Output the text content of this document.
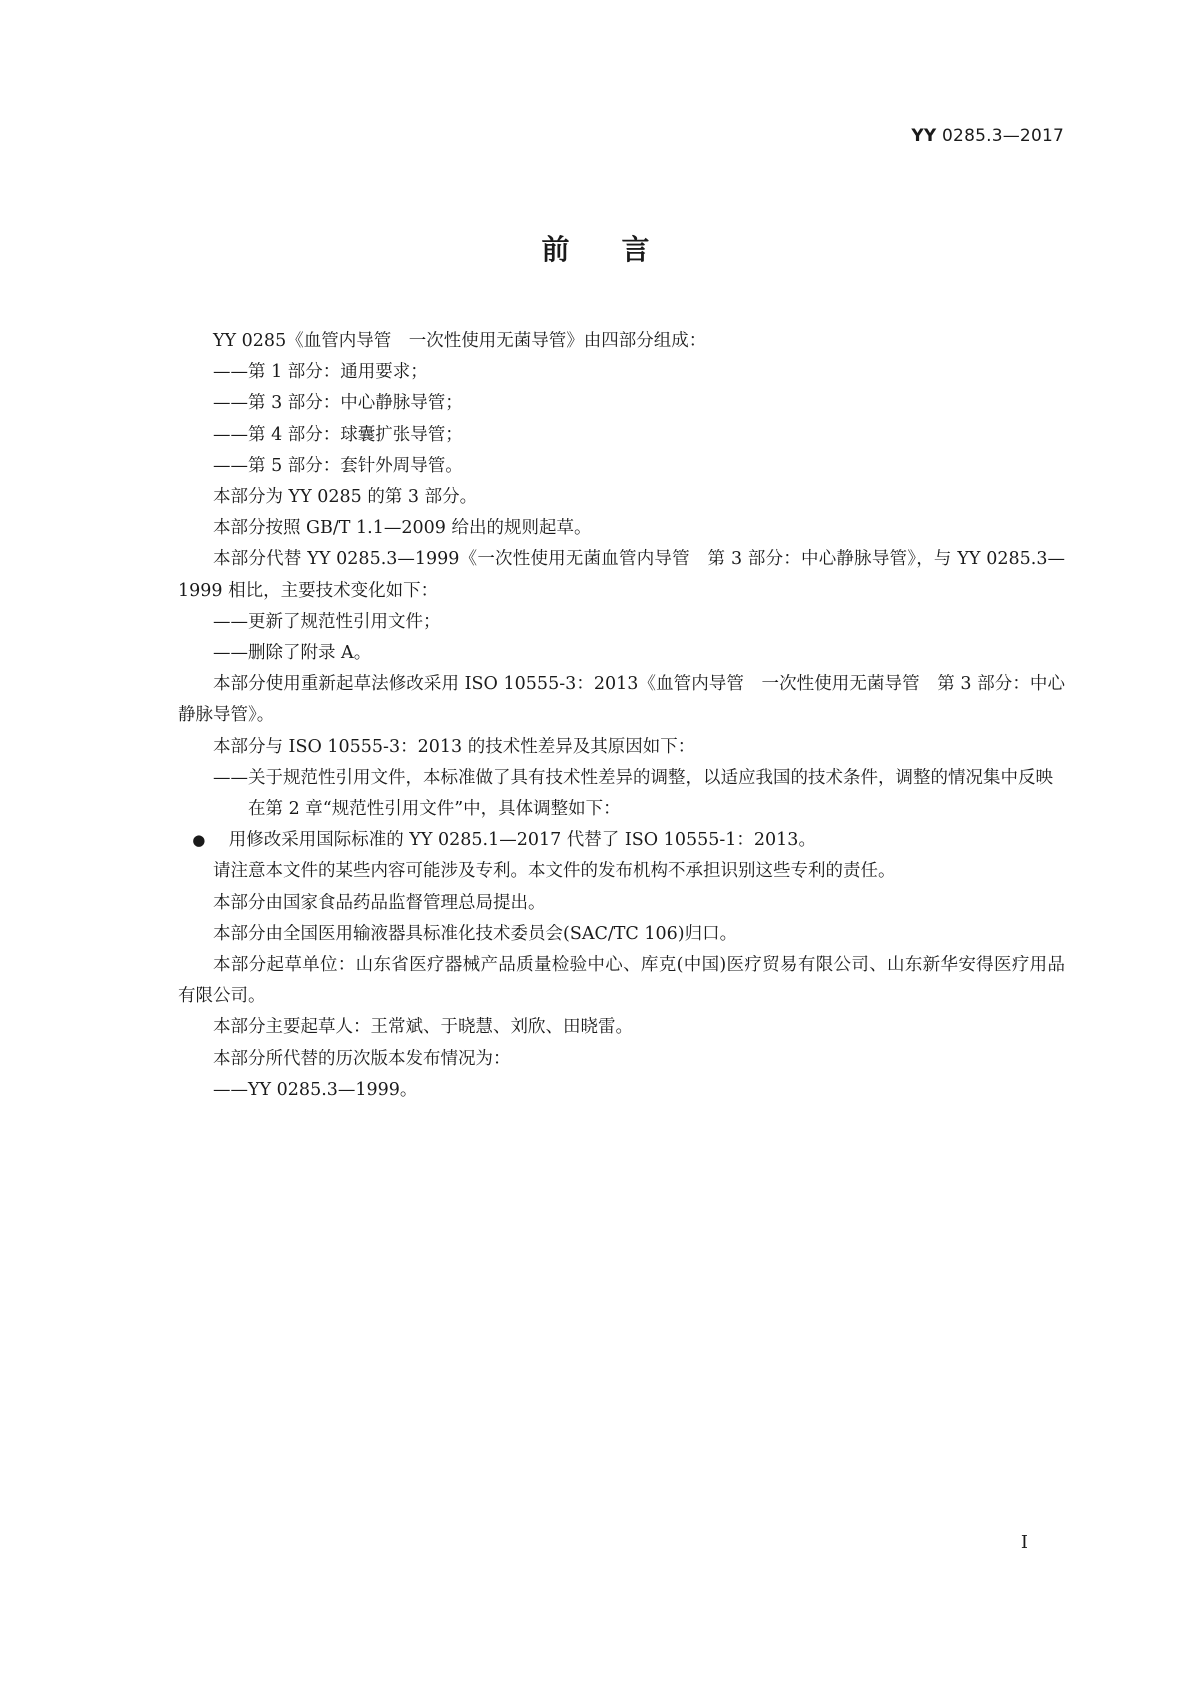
YY 0285.3—2017
前言
YY 0285《血管内导管　一次性使用无菌导管》由四部分组成：
——第 1 部分：通用要求；
——第 3 部分：中心静脉导管；
——第 4 部分：球囊扩张导管；
——第 5 部分：套针外周导管。
本部分为 YY 0285 的第 3 部分。
本部分按照 GB/T 1.1—2009 给出的规则起草。
本部分代替 YY 0285.3—1999《一次性使用无菌血管内导管　第 3 部分：中心静脉导管》，与 YY 0285.3—1999 相比，主要技术变化如下：
——更新了规范性引用文件；
——删除了附录 A。
本部分使用重新起草法修改采用 ISO 10555-3：2013《血管内导管　一次性使用无菌导管　第 3 部分：中心静脉导管》。
本部分与 ISO 10555-3：2013 的技术性差异及其原因如下：
——关于规范性引用文件，本标准做了具有技术性差异的调整，以适应我国的技术条件，调整的情况集中反映在第 2 章“规范性引用文件”中，具体调整如下：
● 用修改采用国际标准的 YY 0285.1—2017 代替了 ISO 10555-1：2013。
请注意本文件的某些内容可能涉及专利。本文件的发布机构不承担识别这些专利的责任。
本部分由国家食品药品监督管理总局提出。
本部分由全国医用输液器具标准化技术委员会(SAC/TC 106)归口。
本部分起草单位：山东省医疗器械产品质量检验中心、库克(中国)医疗贸易有限公司、山东新华安得医疗用品有限公司。
本部分主要起草人：王常斌、于晓慧、刘欣、田晓雷。
本部分所代替的历次版本发布情况为：
——YY 0285.3—1999。
I
